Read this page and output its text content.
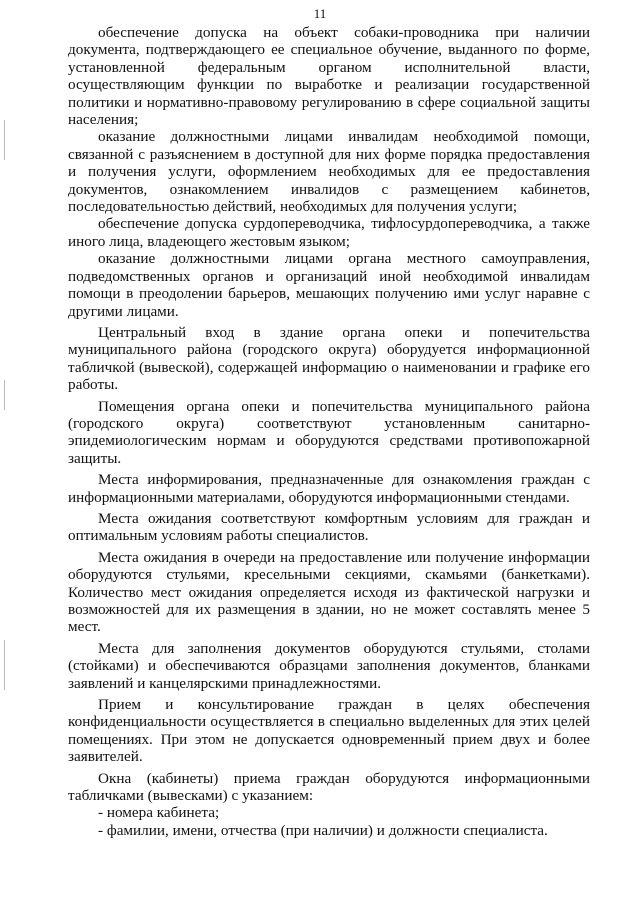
11

обеспечение допуска на объект собаки-проводника при наличии документа, подтверждающего ее специальное обучение, выданного по форме, установленной федеральным органом исполнительной власти, осуществляющим функции по выработке и реализации государственной политики и нормативно-правовому регулированию в сфере социальной защиты населения;

оказание должностными лицами инвалидам необходимой помощи, связанной с разъяснением в доступной для них форме порядка предоставления и получения услуги, оформлением необходимых для ее предоставления документов, ознакомлением инвалидов с размещением кабинетов, последовательностью действий, необходимых для получения услуги;

обеспечение допуска сурдопереводчика, тифлосурдопереводчика, а также иного лица, владеющего жестовым языком;

оказание должностными лицами органа местного самоуправления, подведомственных органов и организаций иной необходимой инвалидам помощи в преодолении барьеров, мешающих получению ими услуг наравне с другими лицами.

Центральный вход в здание органа опеки и попечительства муниципального района (городского округа) оборудуется информационной табличкой (вывеской), содержащей информацию о наименовании и графике его работы.

Помещения органа опеки и попечительства муниципального района (городского округа) соответствуют установленным санитарно-эпидемиологическим нормам и оборудуются средствами противопожарной защиты.

Места информирования, предназначенные для ознакомления граждан с информационными материалами, оборудуются информационными стендами.

Места ожидания соответствуют комфортным условиям для граждан и оптимальным условиям работы специалистов.

Места ожидания в очереди на предоставление или получение информации оборудуются стульями, кресельными секциями, скамьями (банкетками). Количество мест ожидания определяется исходя из фактической нагрузки и возможностей для их размещения в здании, но не может составлять менее 5 мест.

Места для заполнения документов оборудуются стульями, столами (стойками) и обеспечиваются образцами заполнения документов, бланками заявлений и канцелярскими принадлежностями.

Прием и консультирование граждан в целях обеспечения конфиденциальности осуществляется в специально выделенных для этих целей помещениях. При этом не допускается одновременный прием двух и более заявителей.

Окна (кабинеты) приема граждан оборудуются информационными табличками (вывесками) с указанием:

- номера кабинета;

- фамилии, имени, отчества (при наличии) и должности специалиста.
